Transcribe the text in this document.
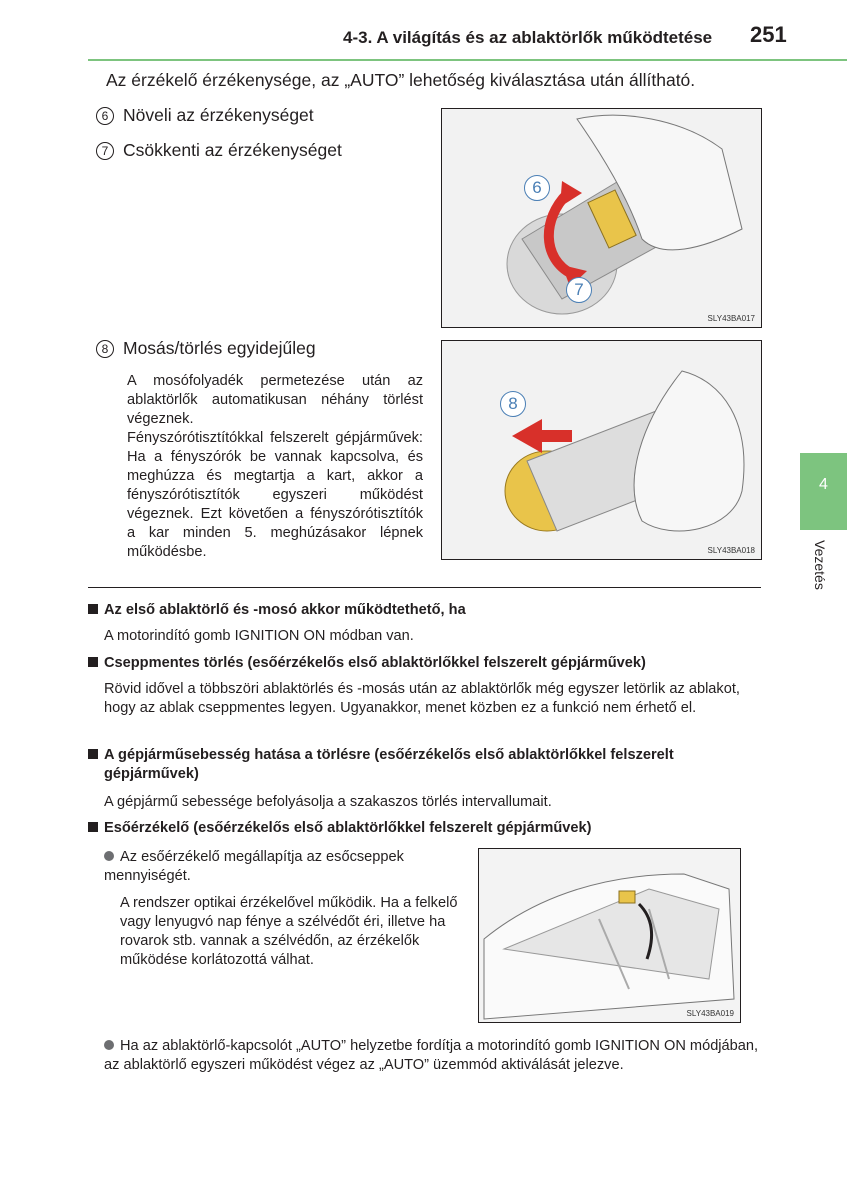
4-3. A világítás és az ablaktörlők működtetése 251
Az érzékelő érzékenysége, az „AUTO” lehetőség kiválasztása után állítható.
6 Növeli az érzékenységet
7 Csökkenti az érzékenységet
6
7
SLY43BA017
8 Mosás/törlés egyidejűleg

A mosófolyadék permetezése után az ablaktörlők automatikusan néhány törlést végeznek.

Fényszórótisztítókkal felszerelt gépjárművek: Ha a fényszórók be vannak kapcsolva, és meghúzza és megtartja a kart, akkor a fényszórótisztítók egyszeri működést végeznek. Ezt követően a fényszórótisztítók a kar minden 5. meghúzásakor lépnek működésbe.

8
SLY43BA018
4
Vezetés
Az első ablaktörlő és -mosó akkor működtethető, ha
A motorindító gomb IGNITION ON módban van.
Cseppmentes törlés (esőérzékelős első ablaktörlőkkel felszerelt gépjárművek)
Rövid idővel a többszöri ablaktörlés és -mosás után az ablaktörlők még egyszer letörlik az ablakot, hogy az ablak cseppmentes legyen. Ugyanakkor, menet közben ez a funkció nem érhető el.
A gépjárműsebesség hatása a törlésre (esőérzékelős első ablaktörlőkkel felszerelt
gépjárművek)
A gépjármű sebessége befolyásolja a szakaszos törlés intervallumait.
Esőérzékelő (esőérzékelős első ablaktörlőkkel felszerelt gépjárművek)
Az esőérzékelő megállapítja az esőcseppek mennyiségét.
A rendszer optikai érzékelővel működik. Ha a felkelő vagy lenyugvó nap fénye a szélvédőt éri, illetve ha rovarok stb. vannak a szélvédőn, az érzékelők működése korlátozottá válhat.
SLY43BA019
Ha az ablaktörlő-kapcsolót „AUTO” helyzetbe fordítja a motorindító gomb IGNITION ON módjában, az ablaktörlő egyszeri működést végez az „AUTO” üzemmód aktiválását jelezve.
